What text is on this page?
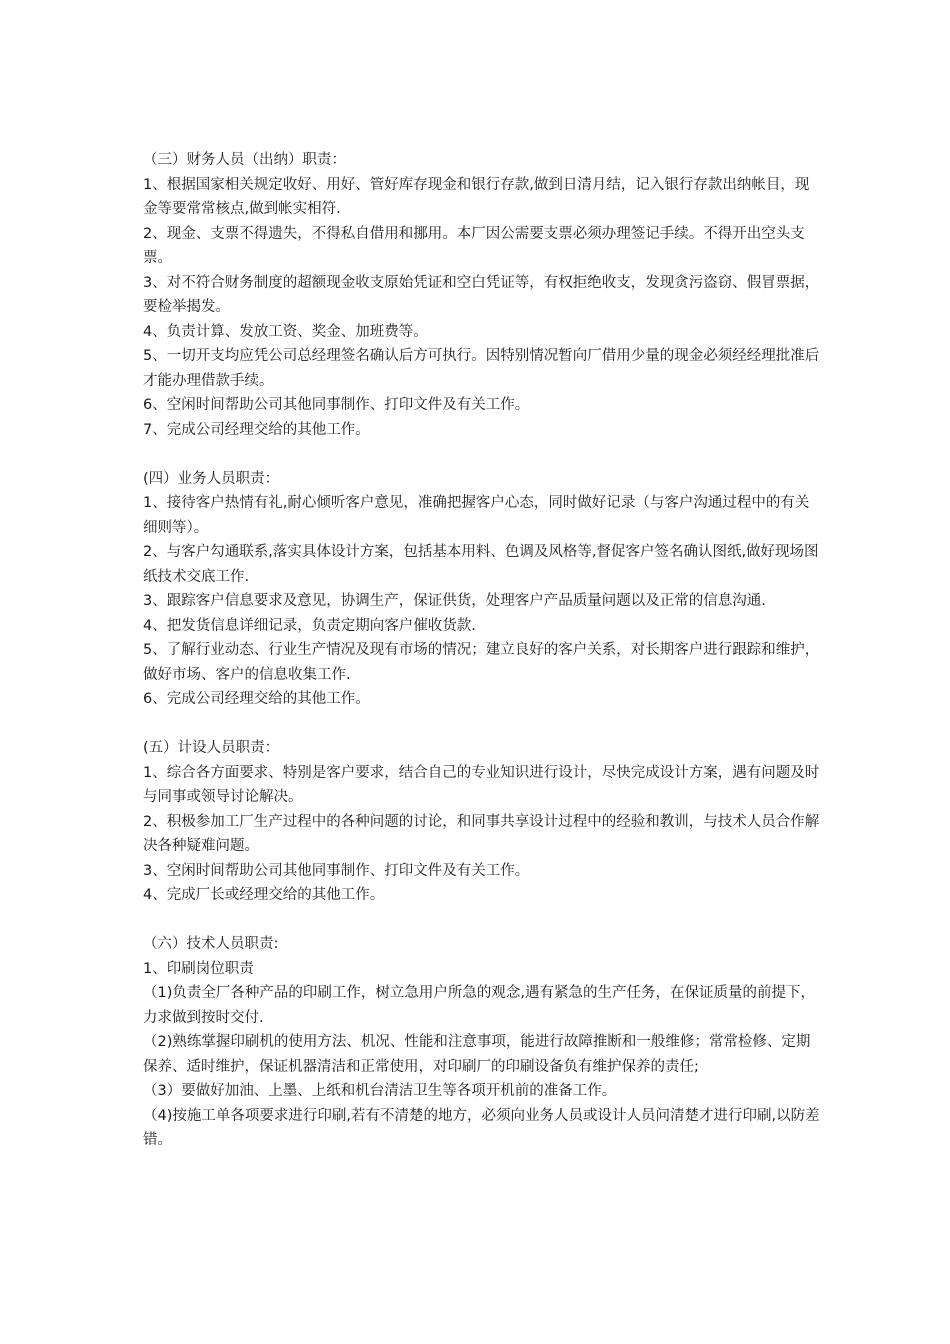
（三）财务人员（出纳）职责：

1、根据国家相关规定收好、用好、管好库存现金和银行存款,做到日清月结，记入银行存款出纳帐目，现金等要常常核点,做到帐实相符.

2、现金、支票不得遗失，不得私自借用和挪用。本厂因公需要支票必须办理签记手续。不得开出空头支票。

3、对不符合财务制度的超额现金收支原始凭证和空白凭证等，有权拒绝收支，发现贪污盗窃、假冒票据，要检举揭发。

4、负责计算、发放工资、奖金、加班费等。

5、一切开支均应凭公司总经理签名确认后方可执行。因特别情况暂向厂借用少量的现金必须经经理批准后才能办理借款手续。

6、空闲时间帮助公司其他同事制作、打印文件及有关工作。

7、完成公司经理交给的其他工作。

(四）业务人员职责：

1、接待客户热情有礼,耐心倾听客户意见，准确把握客户心态，同时做好记录（与客户沟通过程中的有关细则等）。

2、与客户勾通联系,落实具体设计方案，包括基本用料、色调及风格等,督促客户签名确认图纸,做好现场图纸技术交底工作.

3、跟踪客户信息要求及意见，协调生产，保证供货，处理客户产品质量问题以及正常的信息沟通.

4、把发货信息详细记录，负责定期向客户催收货款.

5、了解行业动态、行业生产情况及现有市场的情况；建立良好的客户关系，对长期客户进行跟踪和维护，做好市场、客户的信息收集工作.

6、完成公司经理交给的其他工作。

(五）计设人员职责：

1、综合各方面要求、特别是客户要求，结合自己的专业知识进行设计，尽快完成设计方案，遇有问题及时与同事或领导讨论解决。

2、积极参加工厂生产过程中的各种问题的讨论，和同事共享设计过程中的经验和教训，与技术人员合作解决各种疑难问题。

3、空闲时间帮助公司其他同事制作、打印文件及有关工作。

4、完成厂长或经理交给的其他工作。

（六）技术人员职责:

1、印刷岗位职责

（1)负责全厂各种产品的印刷工作，树立急用户所急的观念,遇有紧急的生产任务，在保证质量的前提下，力求做到按时交付.

（2)熟练掌握印刷机的使用方法、机况、性能和注意事项，能进行故障推断和一般维修；常常检修、定期保养、适时维护，保证机器清洁和正常使用，对印刷厂的印刷设备负有维护保养的责任;

（3）要做好加油、上墨、上纸和机台清洁卫生等各项开机前的准备工作。

（4)按施工单各项要求进行印刷,若有不清楚的地方，必须向业务人员或设计人员问清楚才进行印刷,以防差错。
